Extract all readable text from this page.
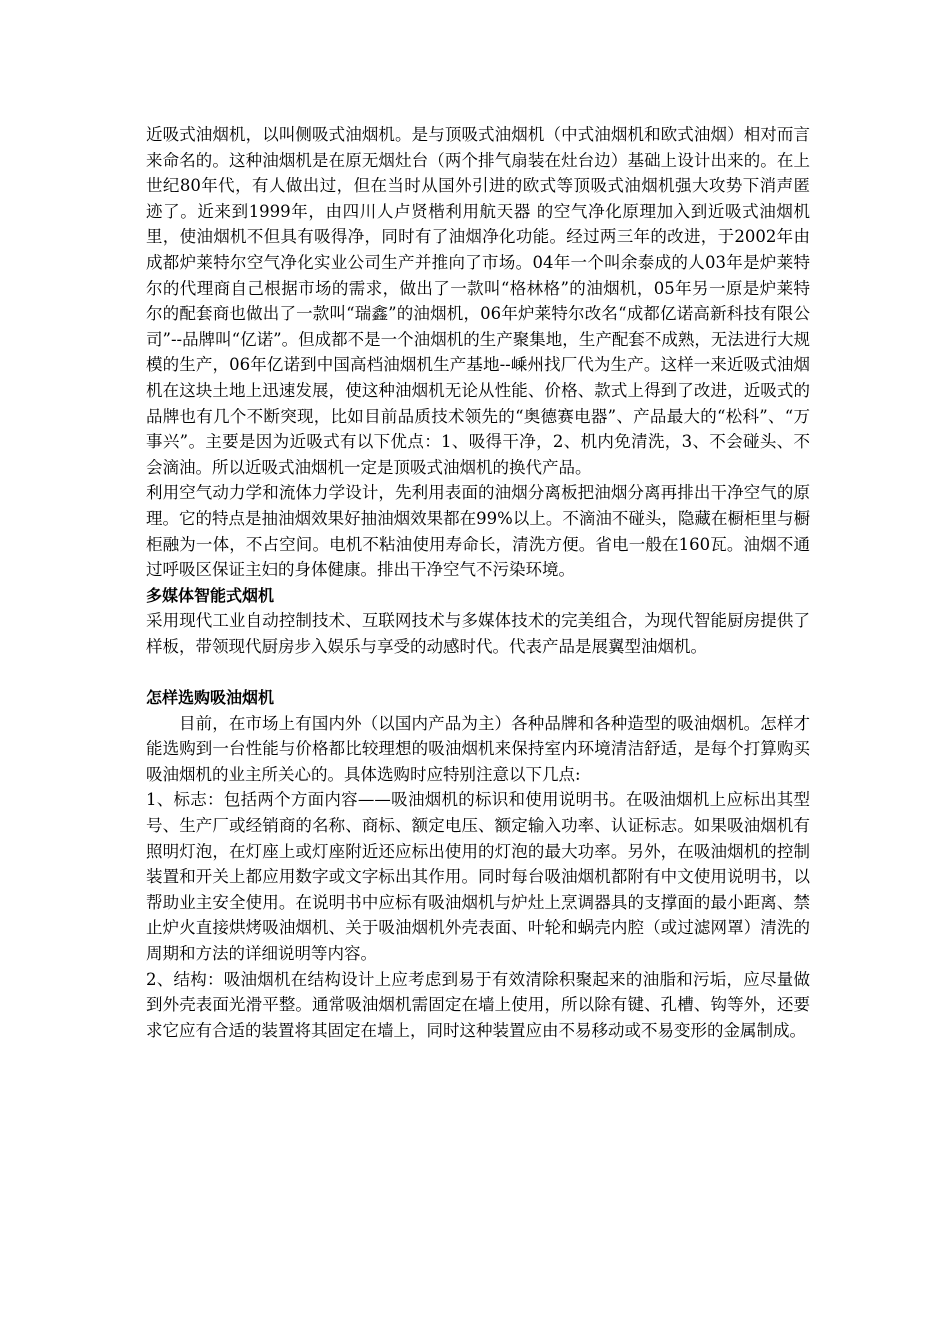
近吸式油烟机，以叫侧吸式油烟机。是与顶吸式油烟机（中式油烟机和欧式油烟）相对而言来命名的。这种油烟机是在原无烟灶台（两个排气扇装在灶台边）基础上设计出来的。在上世纪80年代，有人做出过，但在当时从国外引进的欧式等顶吸式油烟机强大攻势下消声匿迹了。近来到1999年，由四川人卢贤楷利用航天器 的空气净化原理加入到近吸式油烟机里，使油烟机不但具有吸得净，同时有了油烟净化功能。经过两三年的改进，于2002年由成都炉莱特尔空气净化实业公司生产并推向了市场。04年一个叫余泰成的人03年是炉莱特尔的代理商自己根据市场的需求，做出了一款叫“格林格”的油烟机，05年另一原是炉莱特尔的配套商也做出了一款叫“瑞鑫”的油烟机，06年炉莱特尔改名“成都亿诺高新科技有限公司”--品牌叫“亿诺”。但成都不是一个油烟机的生产聚集地，生产配套不成熟，无法进行大规模的生产，06年亿诺到中国高档油烟机生产基地--嵊州找厂代为生产。这样一来近吸式油烟机在这块土地上迅速发展，使这种油烟机无论从性能、价格、款式上得到了改进，近吸式的品牌也有几个不断突现，比如目前品质技术领先的“奥德赛电器”、产品最大的“松科”、“万事兴”。主要是因为近吸式有以下优点：1、吸得干净，2、机内免清洗，3、不会碰头、不会滴油。所以近吸式油烟机一定是顶吸式油烟机的换代产品。

利用空气动力学和流体力学设计，先利用表面的油烟分离板把油烟分离再排出干净空气的原理。它的特点是抽油烟效果好抽油烟效果都在99%以上。不滴油不碰头，隐藏在橱柜里与橱柜融为一体，不占空间。电机不粘油使用寿命长，清洗方便。省电一般在160瓦。油烟不通过呼吸区保证主妇的身体健康。排出干净空气不污染环境。

多媒体智能式烟机

采用现代工业自动控制技术、互联网技术与多媒体技术的完美组合，为现代智能厨房提供了样板，带领现代厨房步入娱乐与享受的动感时代。代表产品是展翼型油烟机。

怎样选购吸油烟机

目前，在市场上有国内外（以国内产品为主）各种品牌和各种造型的吸油烟机。怎样才能选购到一台性能与价格都比较理想的吸油烟机来保持室内环境清洁舒适，是每个打算购买吸油烟机的业主所关心的。具体选购时应特别注意以下几点:

1、标志：包括两个方面内容——吸油烟机的标识和使用说明书。在吸油烟机上应标出其型号、生产厂或经销商的名称、商标、额定电压、额定输入功率、认证标志。如果吸油烟机有照明灯泡，在灯座上或灯座附近还应标出使用的灯泡的最大功率。另外，在吸油烟机的控制装置和开关上都应用数字或文字标出其作用。同时每台吸油烟机都附有中文使用说明书，以帮助业主安全使用。在说明书中应标有吸油烟机与炉灶上烹调器具的支撑面的最小距离、禁止炉火直接烘烤吸油烟机、关于吸油烟机外壳表面、叶轮和蜗壳内腔（或过滤网罩）清洗的周期和方法的详细说明等内容。

2、结构：吸油烟机在结构设计上应考虑到易于有效清除积聚起来的油脂和污垢，应尽量做到外壳表面光滑平整。通常吸油烟机需固定在墙上使用，所以除有键、孔槽、钩等外，还要求它应有合适的装置将其固定在墙上，同时这种装置应由不易移动或不易变形的金属制成。
